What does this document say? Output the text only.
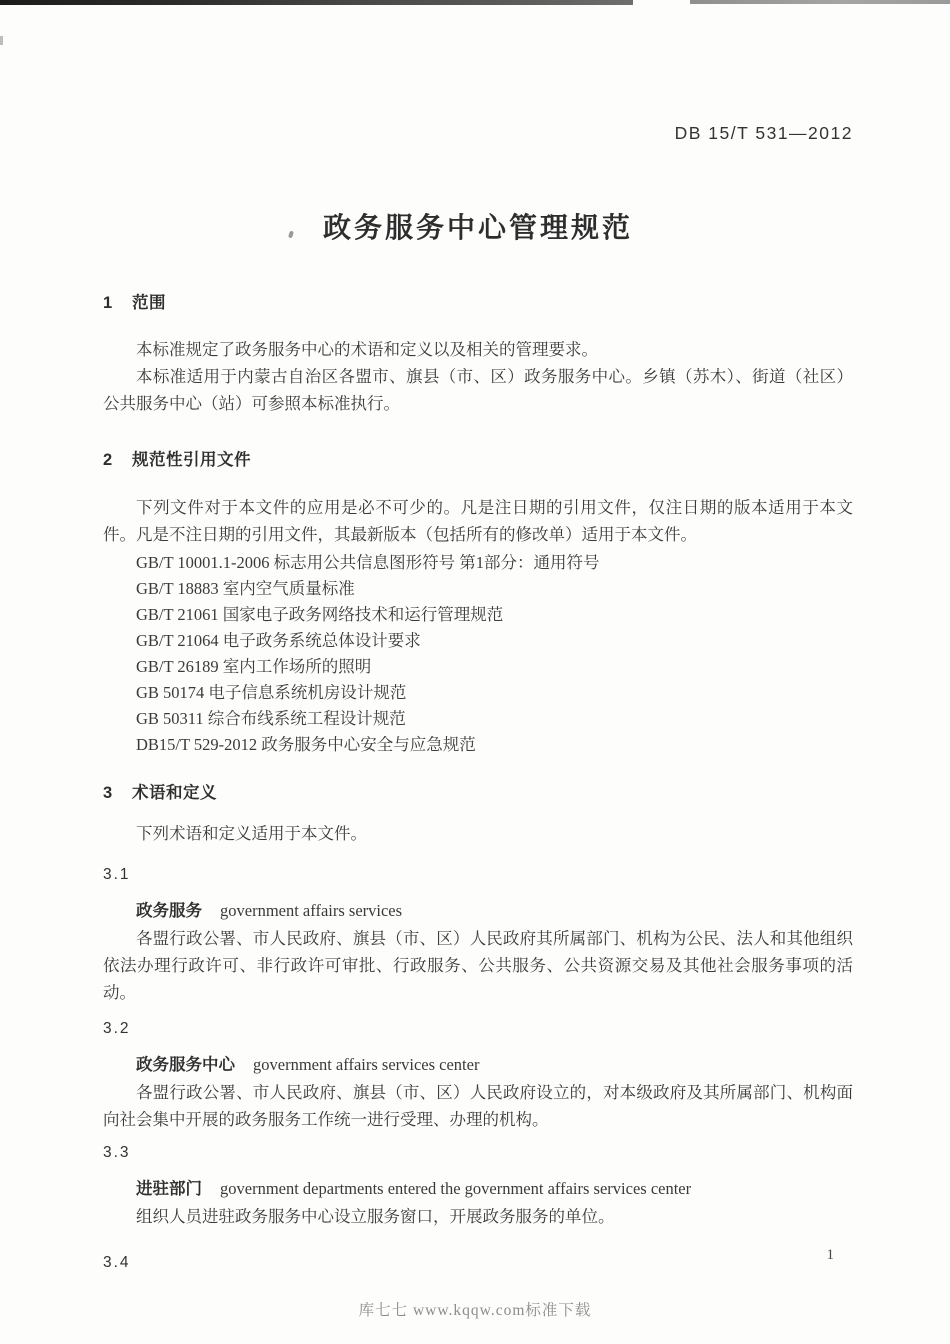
DB 15/T 531—2012
政务服务中心管理规范
1 范围

本标准规定了政务服务中心的术语和定义以及相关的管理要求。

本标准适用于内蒙古自治区各盟市、旗县（市、区）政务服务中心。乡镇（苏木）、街道（社区）公共服务中心（站）可参照本标准执行。

2 规范性引用文件

下列文件对于本文件的应用是必不可少的。凡是注日期的引用文件，仅注日期的版本适用于本文件。凡是不注日期的引用文件，其最新版本（包括所有的修改单）适用于本文件。

GB/T 10001.1-2006 标志用公共信息图形符号 第1部分：通用符号
GB/T 18883 室内空气质量标准
GB/T 21061 国家电子政务网络技术和运行管理规范
GB/T 21064 电子政务系统总体设计要求
GB/T 26189 室内工作场所的照明
GB 50174 电子信息系统机房设计规范
GB 50311 综合布线系统工程设计规范
DB15/T 529-2012 政务服务中心安全与应急规范
3 术语和定义

下列术语和定义适用于本文件。

3.1
政务服务 government affairs services

各盟行政公署、市人民政府、旗县（市、区）人民政府其所属部门、机构为公民、法人和其他组织依法办理行政许可、非行政许可审批、行政服务、公共服务、公共资源交易及其他社会服务事项的活动。

3.2
政务服务中心 government affairs services center

各盟行政公署、市人民政府、旗县（市、区）人民政府设立的，对本级政府及其所属部门、机构面向社会集中开展的政务服务工作统一进行受理、办理的机构。

3.3
进驻部门 government departments entered the government affairs services center

组织人员进驻政务服务中心设立服务窗口，开展政务服务的单位。

3.4	1
库七七 www.kqqw.com标准下载
